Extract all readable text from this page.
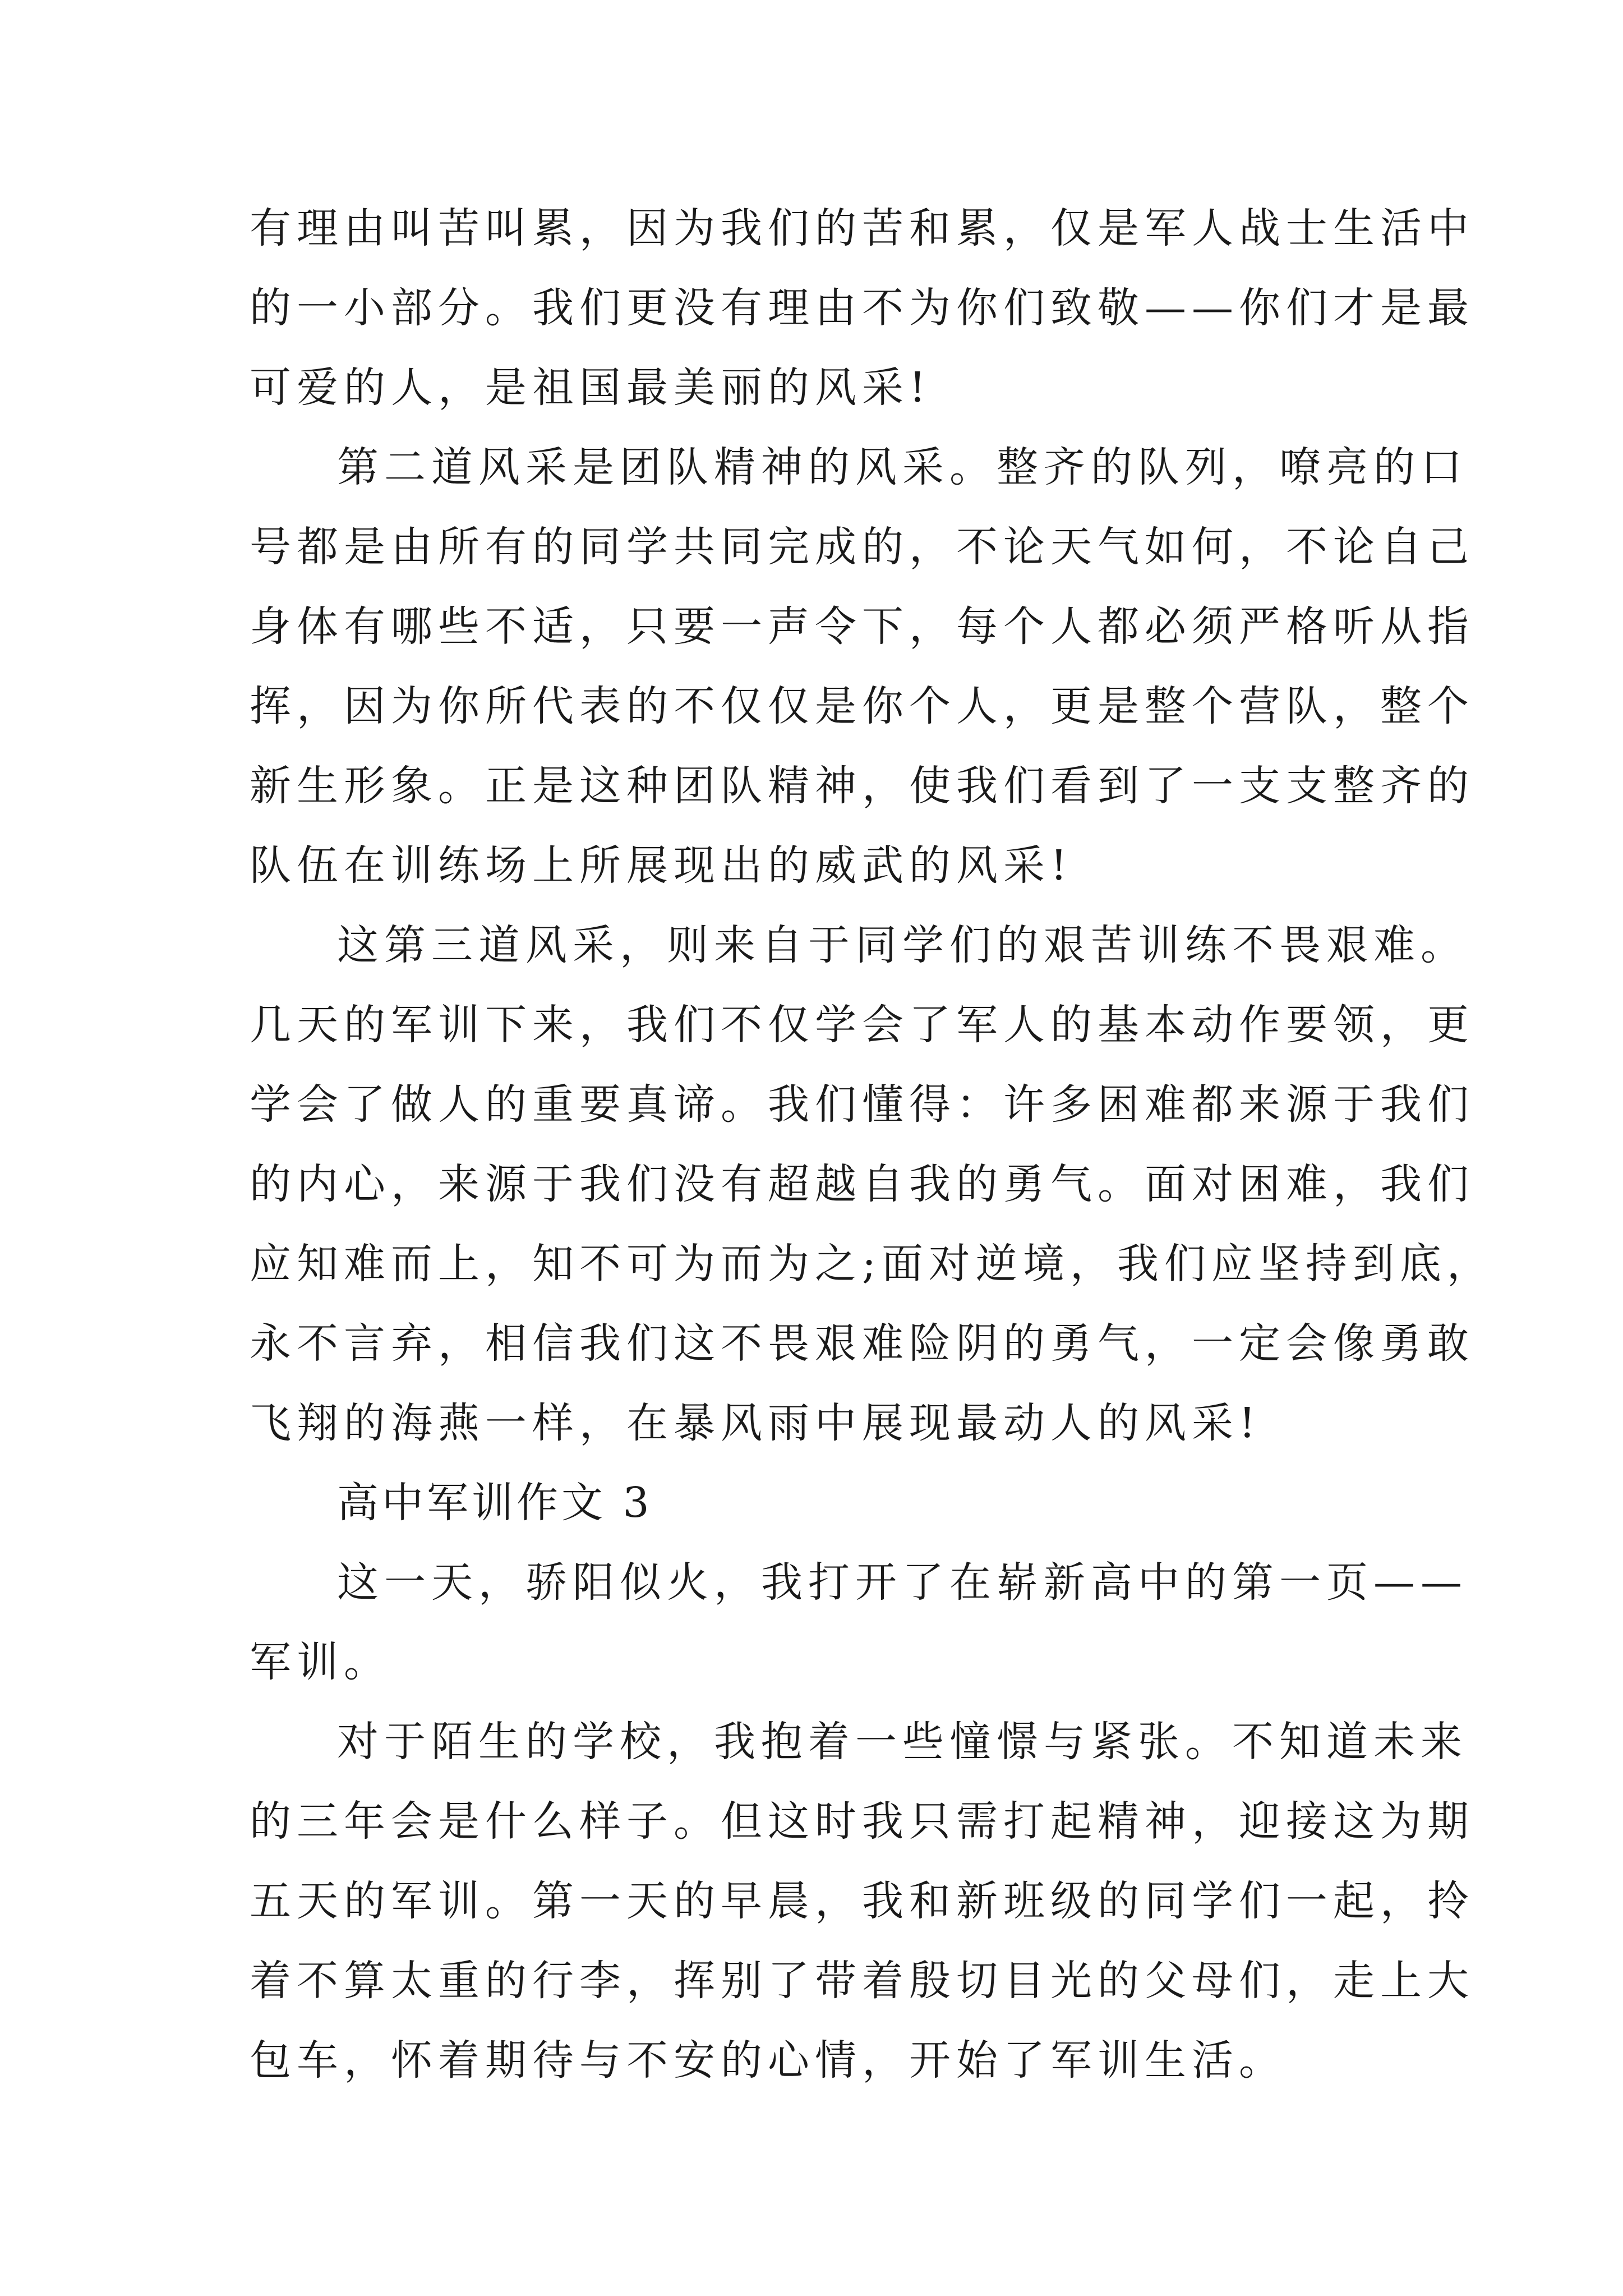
有理由叫苦叫累，因为我们的苦和累，仅是军人战士生活中
的一小部分。我们更没有理由不为你们致敬——你们才是最
可爱的人，是祖国最美丽的风采!
第二道风采是团队精神的风采。整齐的队列，嘹亮的口
号都是由所有的同学共同完成的，不论天气如何，不论自己
身体有哪些不适，只要一声令下，每个人都必须严格听从指
挥，因为你所代表的不仅仅是你个人，更是整个营队，整个
新生形象。正是这种团队精神，使我们看到了一支支整齐的
队伍在训练场上所展现出的威武的风采!
这第三道风采，则来自于同学们的艰苦训练不畏艰难。
几天的军训下来，我们不仅学会了军人的基本动作要领，更
学会了做人的重要真谛。我们懂得：许多困难都来源于我们
的内心，来源于我们没有超越自我的勇气。面对困难，我们
应知难而上，知不可为而为之;面对逆境，我们应坚持到底，
永不言弃，相信我们这不畏艰难险阴的勇气，一定会像勇敢
飞翔的海燕一样，在暴风雨中展现最动人的风采!
高中军训作文 3
这一天，骄阳似火，我打开了在崭新高中的第一页——
军训。
对于陌生的学校，我抱着一些憧憬与紧张。不知道未来
的三年会是什么样子。但这时我只需打起精神，迎接这为期
五天的军训。第一天的早晨，我和新班级的同学们一起，拎
着不算太重的行李，挥别了带着殷切目光的父母们，走上大
包车，怀着期待与不安的心情，开始了军训生活。
